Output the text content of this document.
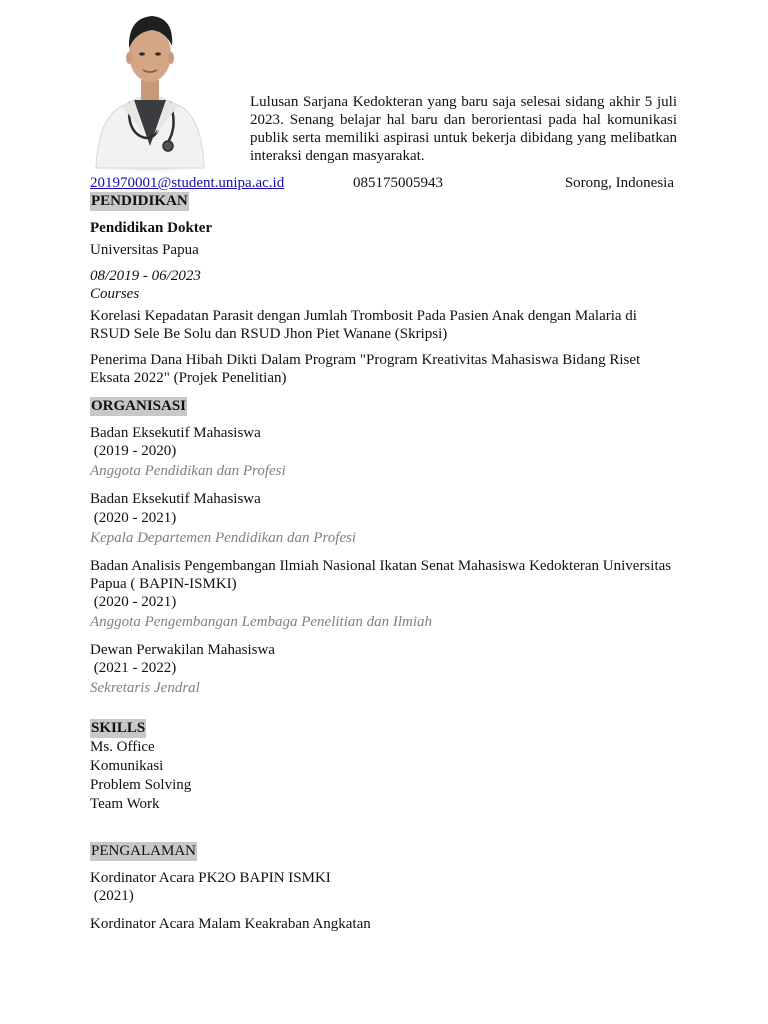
Lulusan Sarjana Kedokteran yang baru saja selesai sidang akhir 5 juli 2023. Senang belajar hal baru dan berorientasi pada hal komunikasi publik serta memiliki aspirasi untuk bekerja dibidang yang melibatkan interaksi dengan masyarakat.

201970001@student.unipa.ac.id	085175005943	Sorong, Indonesia
PENDIDIKAN
Pendidikan Dokter
Universitas Papua
08/2019 - 06/2023
Courses

Korelasi Kepadatan Parasit dengan Jumlah Trombosit Pada Pasien Anak dengan Malaria di RSUD Sele Be Solu dan RSUD Jhon Piet Wanane (Skripsi)

Penerima Dana Hibah Dikti Dalam Program "Program Kreativitas Mahasiswa Bidang Riset Eksata 2022" (Projek Penelitian)

ORGANISASI
Badan Eksekutif Mahasiswa
(2019 - 2020)
Anggota Pendidikan dan Profesi
Badan Eksekutif Mahasiswa
(2020 - 2021)
Kepala Departemen Pendidikan dan Profesi
Badan Analisis Pengembangan Ilmiah Nasional Ikatan Senat Mahasiswa Kedokteran Universitas Papua ( BAPIN-ISMKI)
(2020 - 2021)
Anggota Pengembangan Lembaga Penelitian dan Ilmiah
Dewan Perwakilan Mahasiswa
(2021 - 2022)
Sekretaris Jendral
SKILLS
Ms. Office
Komunikasi
Problem Solving
Team Work
PENGALAMAN
Kordinator Acara PK2O BAPIN ISMKI
(2021)
Kordinator Acara Malam Keakraban Angkatan
